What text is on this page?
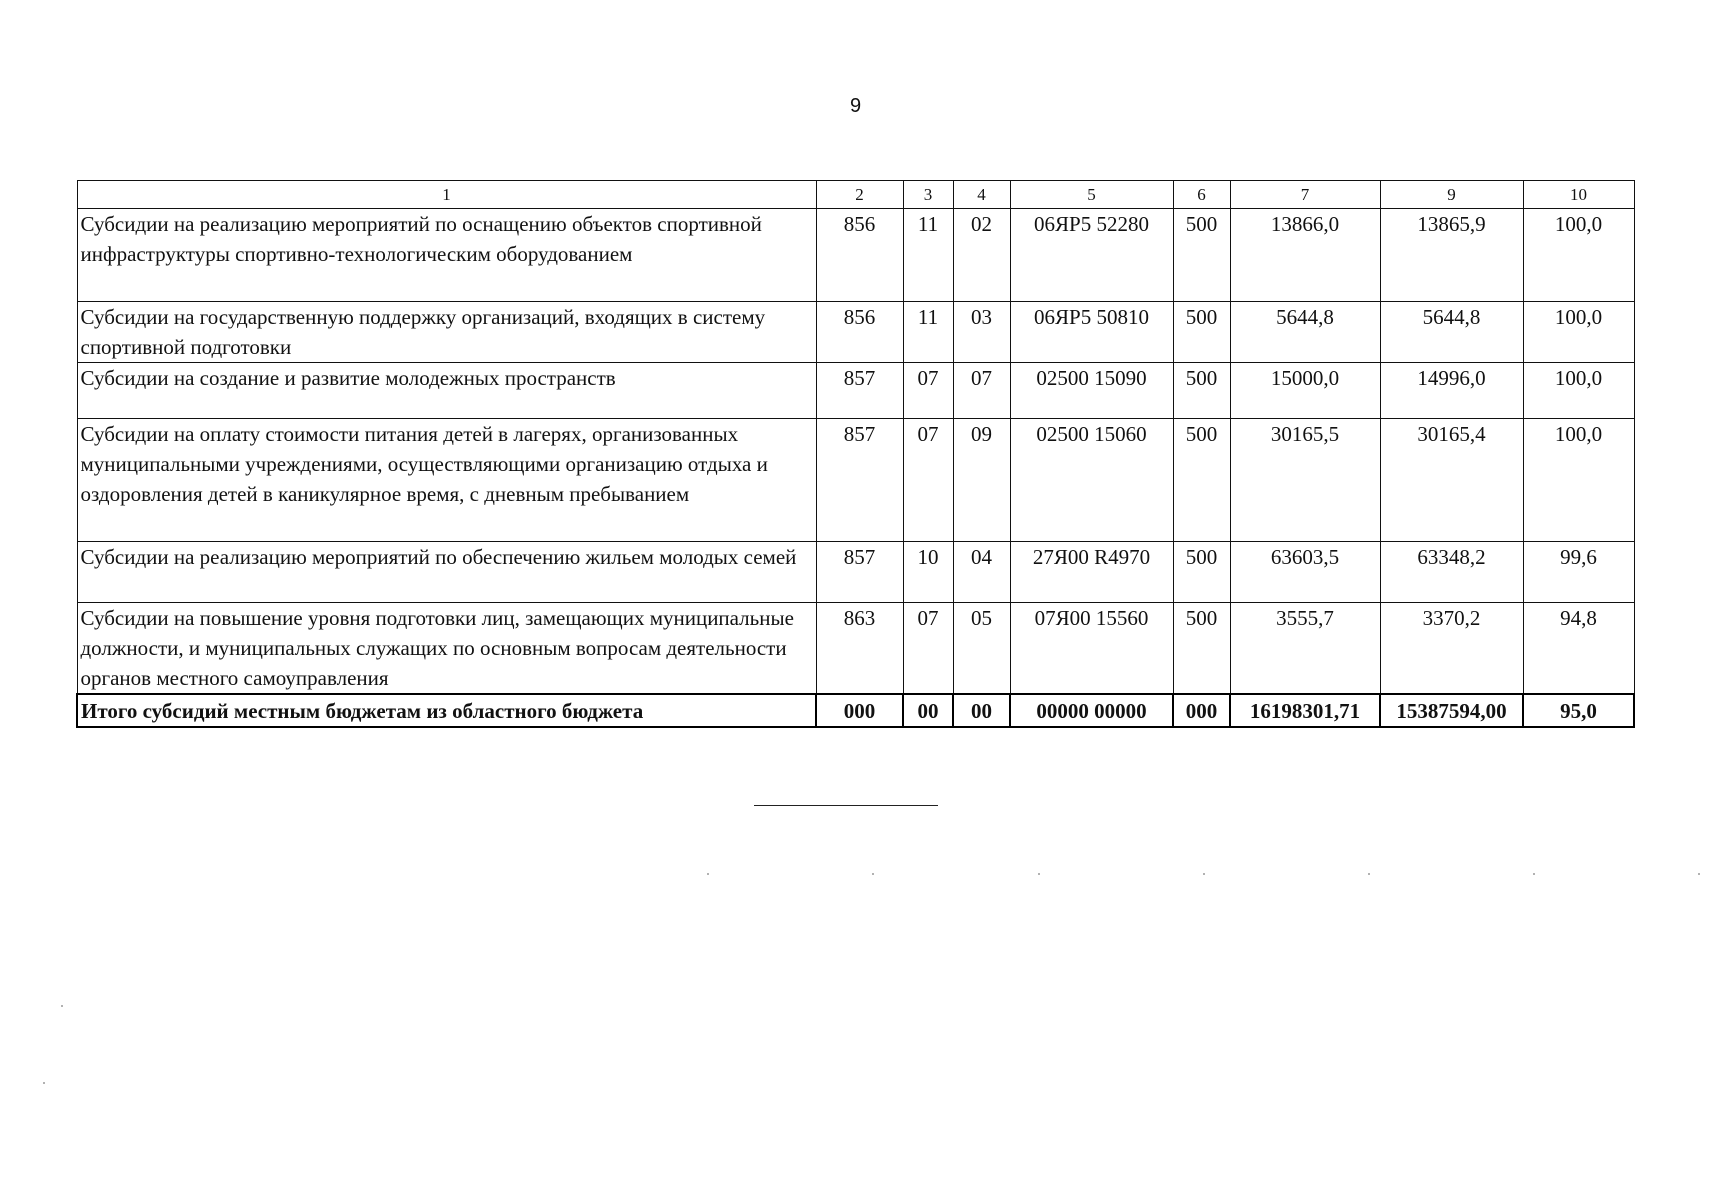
9
1	2	3	4	5	6	7	9	10
Субсидии на реализацию мероприятий по оснащению объектов спортивной инфраструктуры спортивно-технологическим оборудованием	856	11	02	06ЯР5 52280	500	13866,0	13865,9	100,0
Субсидии на государственную поддержку организаций, входящих в систему спортивной подготовки	856	11	03	06ЯР5 50810	500	5644,8	5644,8	100,0
Субсидии на создание и развитие молодежных пространств	857	07	07	02500 15090	500	15000,0	14996,0	100,0
Субсидии на оплату стоимости питания детей в лагерях, организованных муниципальными учреждениями, осуществляющими организацию отдыха и оздоровления детей в каникулярное время, с дневным пребыванием	857	07	09	02500 15060	500	30165,5	30165,4	100,0
Субсидии на реализацию мероприятий по обеспечению жильем молодых семей	857	10	04	27Я00 R4970	500	63603,5	63348,2	99,6
Субсидии на повышение уровня подготовки лиц, замещающих муниципальные должности, и муниципальных служащих по основным вопросам деятельности органов местного самоуправления	863	07	05	07Я00 15560	500	3555,7	3370,2	94,8
Итого субсидий местным бюджетам из областного бюджета	000	00	00	00000 00000	000	16198301,71	15387594,00	95,0
